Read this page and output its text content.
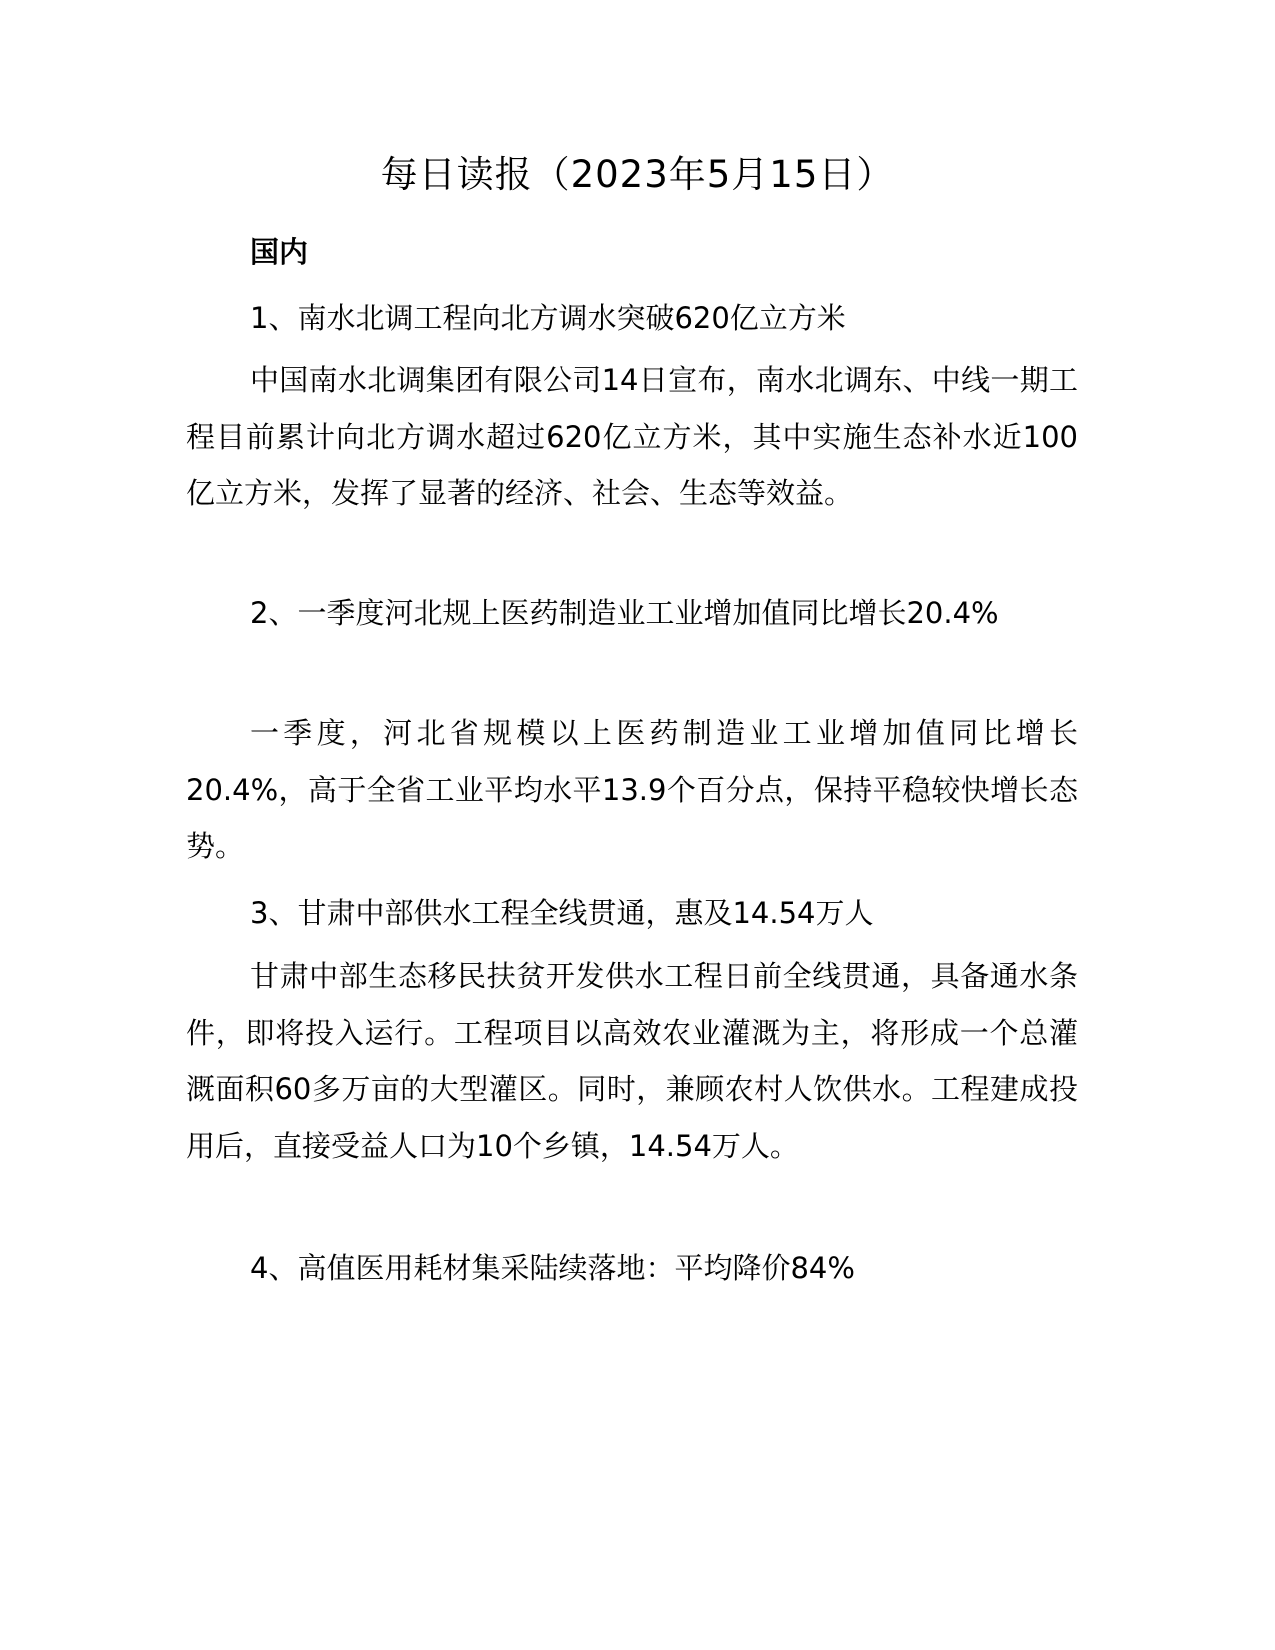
每日读报（2023年5月15日）
国内

1、南水北调工程向北方调水突破620亿立方米

中国南水北调集团有限公司14日宣布，南水北调东、中线一期工程目前累计向北方调水超过620亿立方米，其中实施生态补水近100亿立方米，发挥了显著的经济、社会、生态等效益。

2、一季度河北规上医药制造业工业增加值同比增长20.4%

一季度，河北省规模以上医药制造业工业增加值同比增长20.4%，高于全省工业平均水平13.9个百分点，保持平稳较快增长态势。

3、甘肃中部供水工程全线贯通，惠及14.54万人

甘肃中部生态移民扶贫开发供水工程日前全线贯通，具备通水条件，即将投入运行。工程项目以高效农业灌溉为主，将形成一个总灌溉面积60多万亩的大型灌区。同时，兼顾农村人饮供水。工程建成投用后，直接受益人口为10个乡镇，14.54万人。

4、高值医用耗材集采陆续落地：平均降价84%
